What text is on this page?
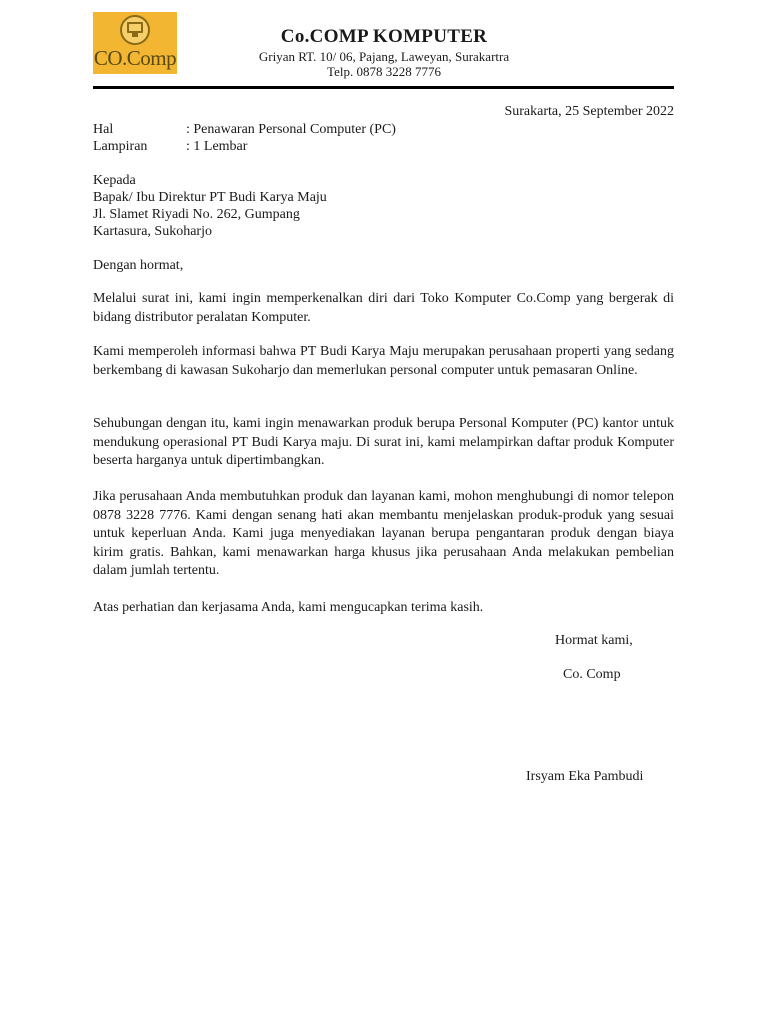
CO.Comp
Co.COMP KOMPUTER
Griyan RT. 10/ 06, Pajang, Laweyan, Surakartra
Telp. 0878 3228 7776
Surakarta, 25 September 2022
Hal	: Penawaran Personal Computer (PC)
Lampiran	: 1 Lembar
Kepada
Bapak/ Ibu Direktur PT Budi Karya Maju
Jl. Slamet Riyadi No. 262, Gumpang
Kartasura, Sukoharjo
Dengan hormat,
Melalui surat ini, kami ingin memperkenalkan diri dari Toko Komputer Co.Comp yang bergerak di bidang distributor peralatan Komputer.
Kami memperoleh informasi bahwa PT Budi Karya Maju merupakan perusahaan properti yang sedang berkembang di kawasan Sukoharjo dan memerlukan personal computer untuk pemasaran Online.
Sehubungan dengan itu, kami ingin menawarkan produk berupa Personal Komputer (PC) kantor untuk mendukung operasional PT Budi Karya maju. Di surat ini, kami melampirkan daftar produk Komputer beserta harganya untuk dipertimbangkan.
Jika perusahaan Anda membutuhkan produk dan layanan kami, mohon menghubungi di nomor telepon 0878 3228 7776. Kami dengan senang hati akan membantu menjelaskan produk-produk yang sesuai untuk keperluan Anda. Kami juga menyediakan layanan berupa pengantaran produk dengan biaya kirim gratis. Bahkan, kami menawarkan harga khusus jika perusahaan Anda melakukan pembelian dalam jumlah tertentu.
Atas perhatian dan kerjasama Anda, kami mengucapkan terima kasih.
Hormat kami,
Co. Comp
Irsyam Eka Pambudi
